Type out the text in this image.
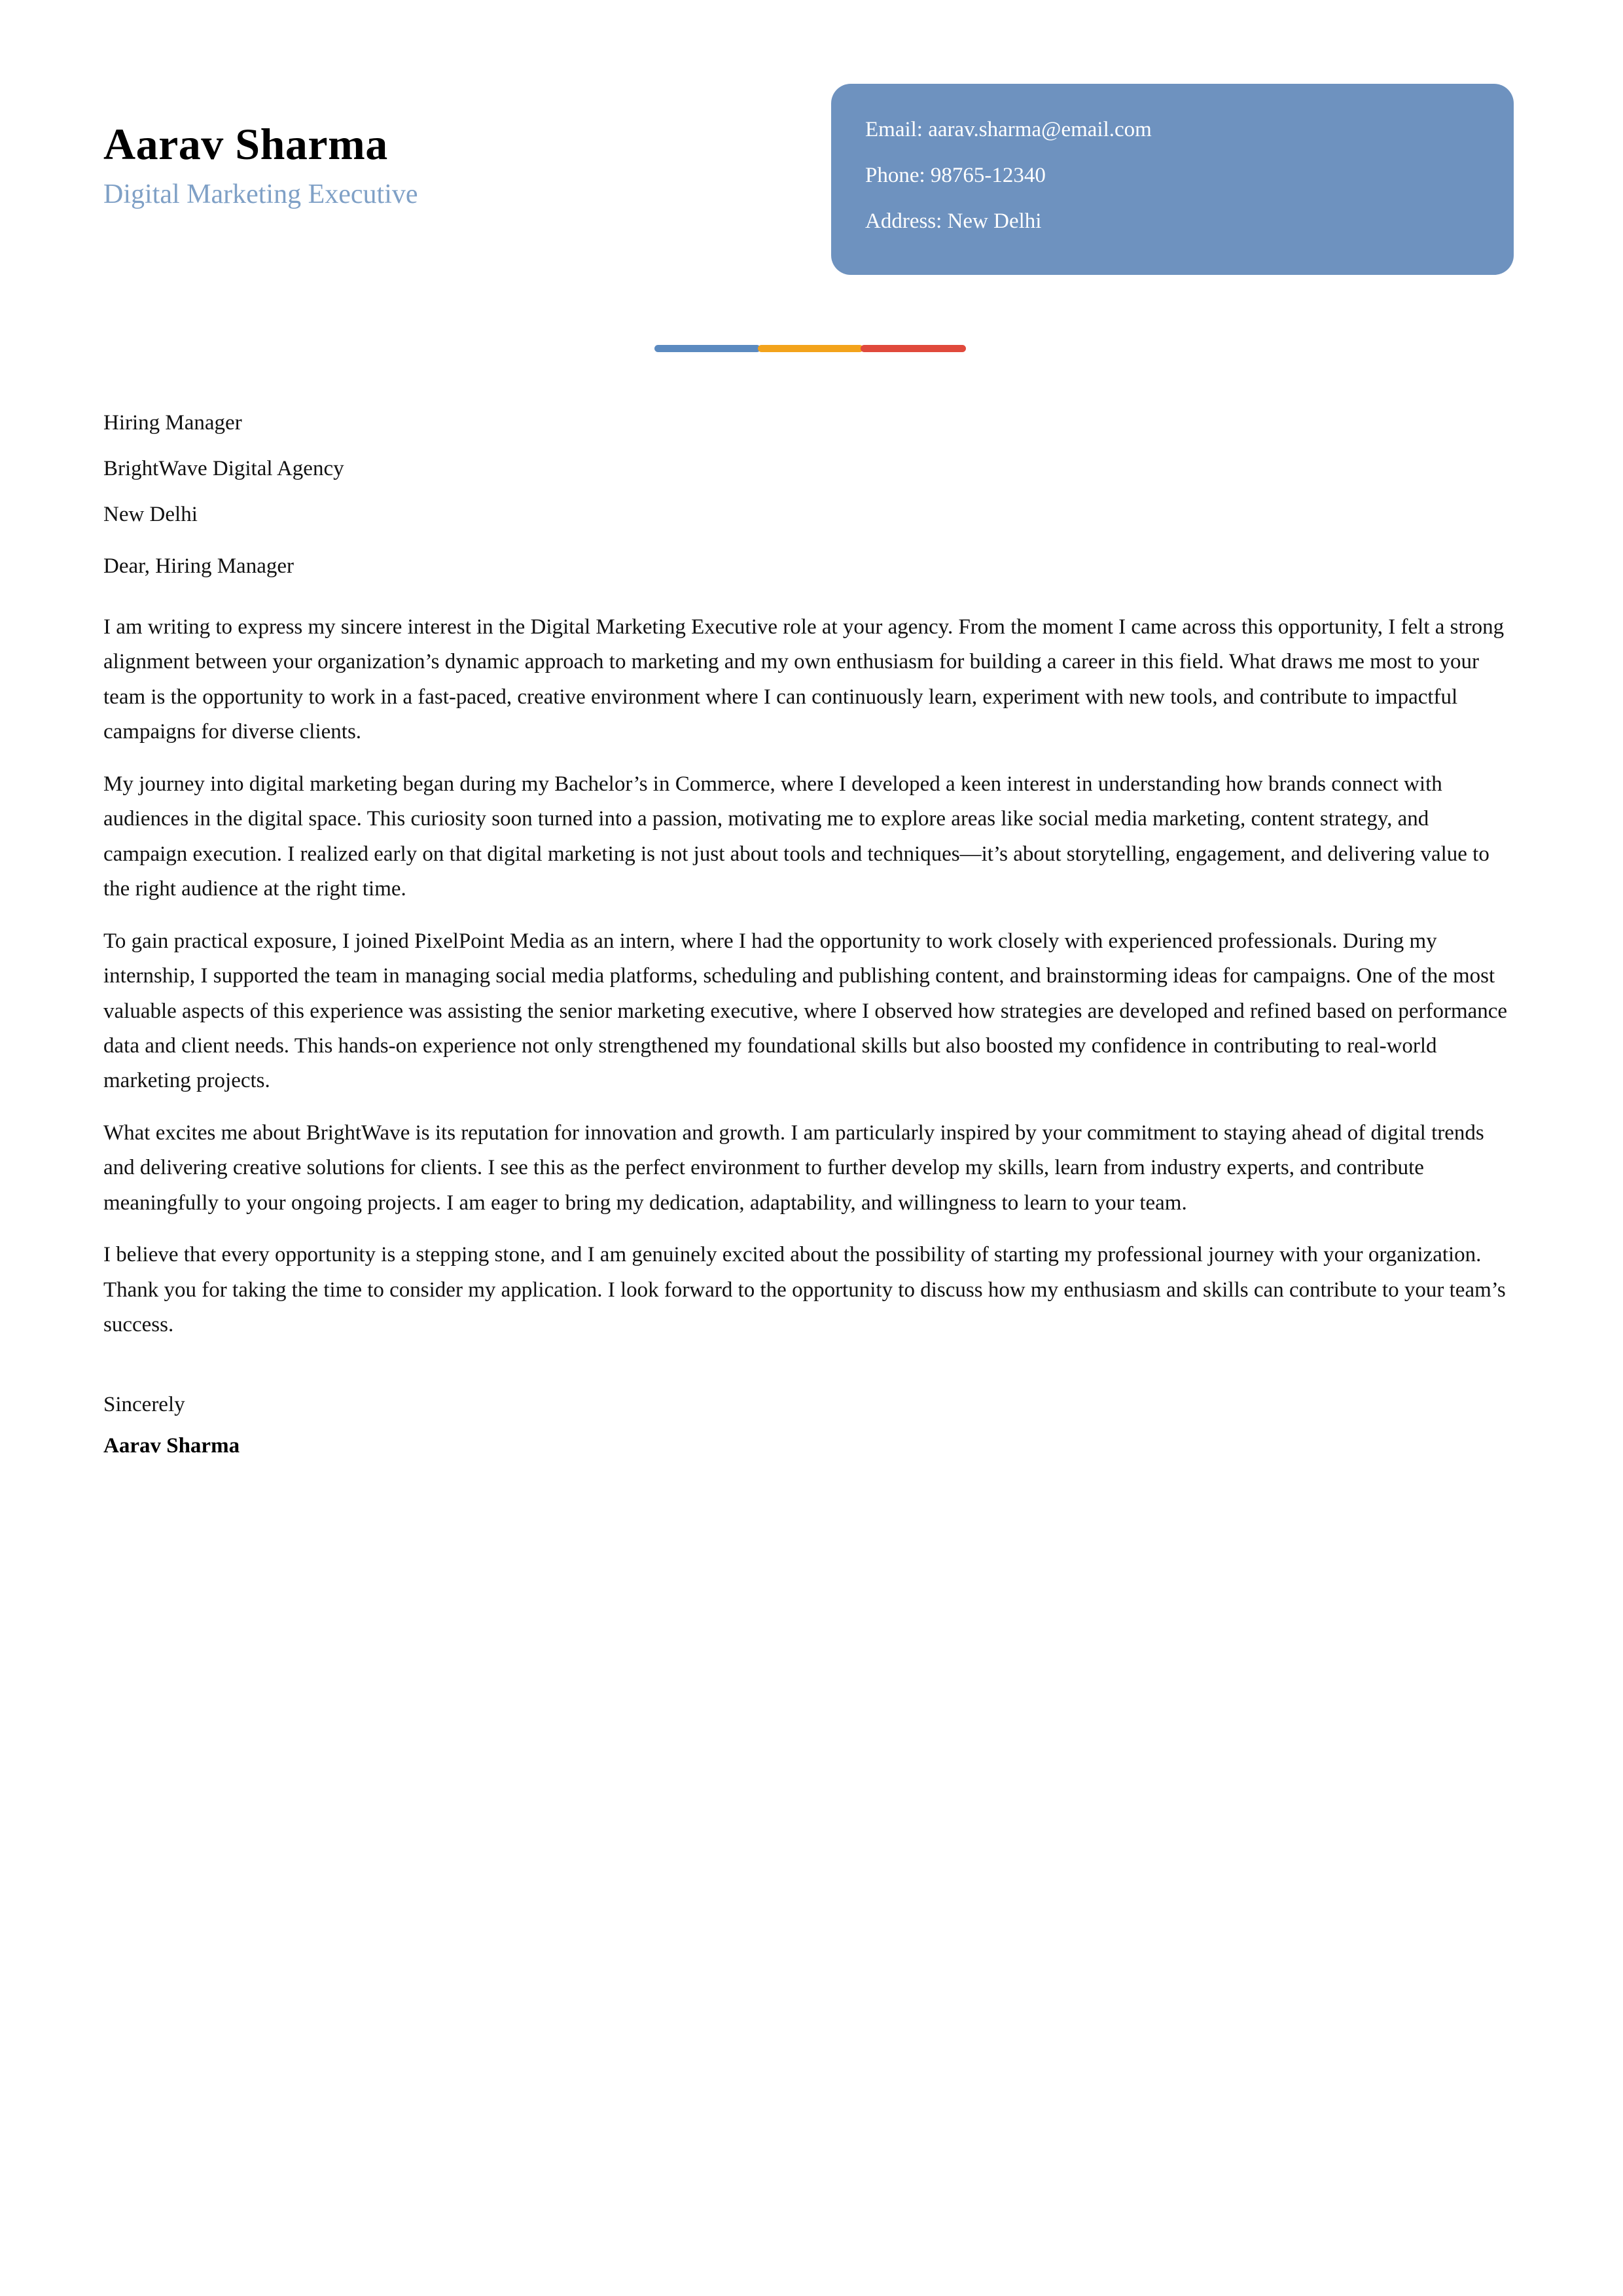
Aarav Sharma

Digital Marketing Executive

Email: aarav.sharma@email.com

Phone: 98765-12340

Address: New Delhi

Hiring Manager

BrightWave Digital Agency

New Delhi

Dear, Hiring Manager

I am writing to express my sincere interest in the Digital Marketing Executive role at your agency. From the moment I came across this opportunity, I felt a strong alignment between your organization’s dynamic approach to marketing and my own enthusiasm for building a career in this field. What draws me most to your team is the opportunity to work in a fast-paced, creative environment where I can continuously learn, experiment with new tools, and contribute to impactful campaigns for diverse clients.

My journey into digital marketing began during my Bachelor’s in Commerce, where I developed a keen interest in understanding how brands connect with audiences in the digital space. This curiosity soon turned into a passion, motivating me to explore areas like social media marketing, content strategy, and campaign execution. I realized early on that digital marketing is not just about tools and techniques—it’s about storytelling, engagement, and delivering value to the right audience at the right time.

To gain practical exposure, I joined PixelPoint Media as an intern, where I had the opportunity to work closely with experienced professionals. During my internship, I supported the team in managing social media platforms, scheduling and publishing content, and brainstorming ideas for campaigns. One of the most valuable aspects of this experience was assisting the senior marketing executive, where I observed how strategies are developed and refined based on performance data and client needs. This hands-on experience not only strengthened my foundational skills but also boosted my confidence in contributing to real-world marketing projects.

What excites me about BrightWave is its reputation for innovation and growth. I am particularly inspired by your commitment to staying ahead of digital trends and delivering creative solutions for clients. I see this as the perfect environment to further develop my skills, learn from industry experts, and contribute meaningfully to your ongoing projects. I am eager to bring my dedication, adaptability, and willingness to learn to your team.

I believe that every opportunity is a stepping stone, and I am genuinely excited about the possibility of starting my professional journey with your organization. Thank you for taking the time to consider my application. I look forward to the opportunity to discuss how my enthusiasm and skills can contribute to your team’s success.

Sincerely

Aarav Sharma
